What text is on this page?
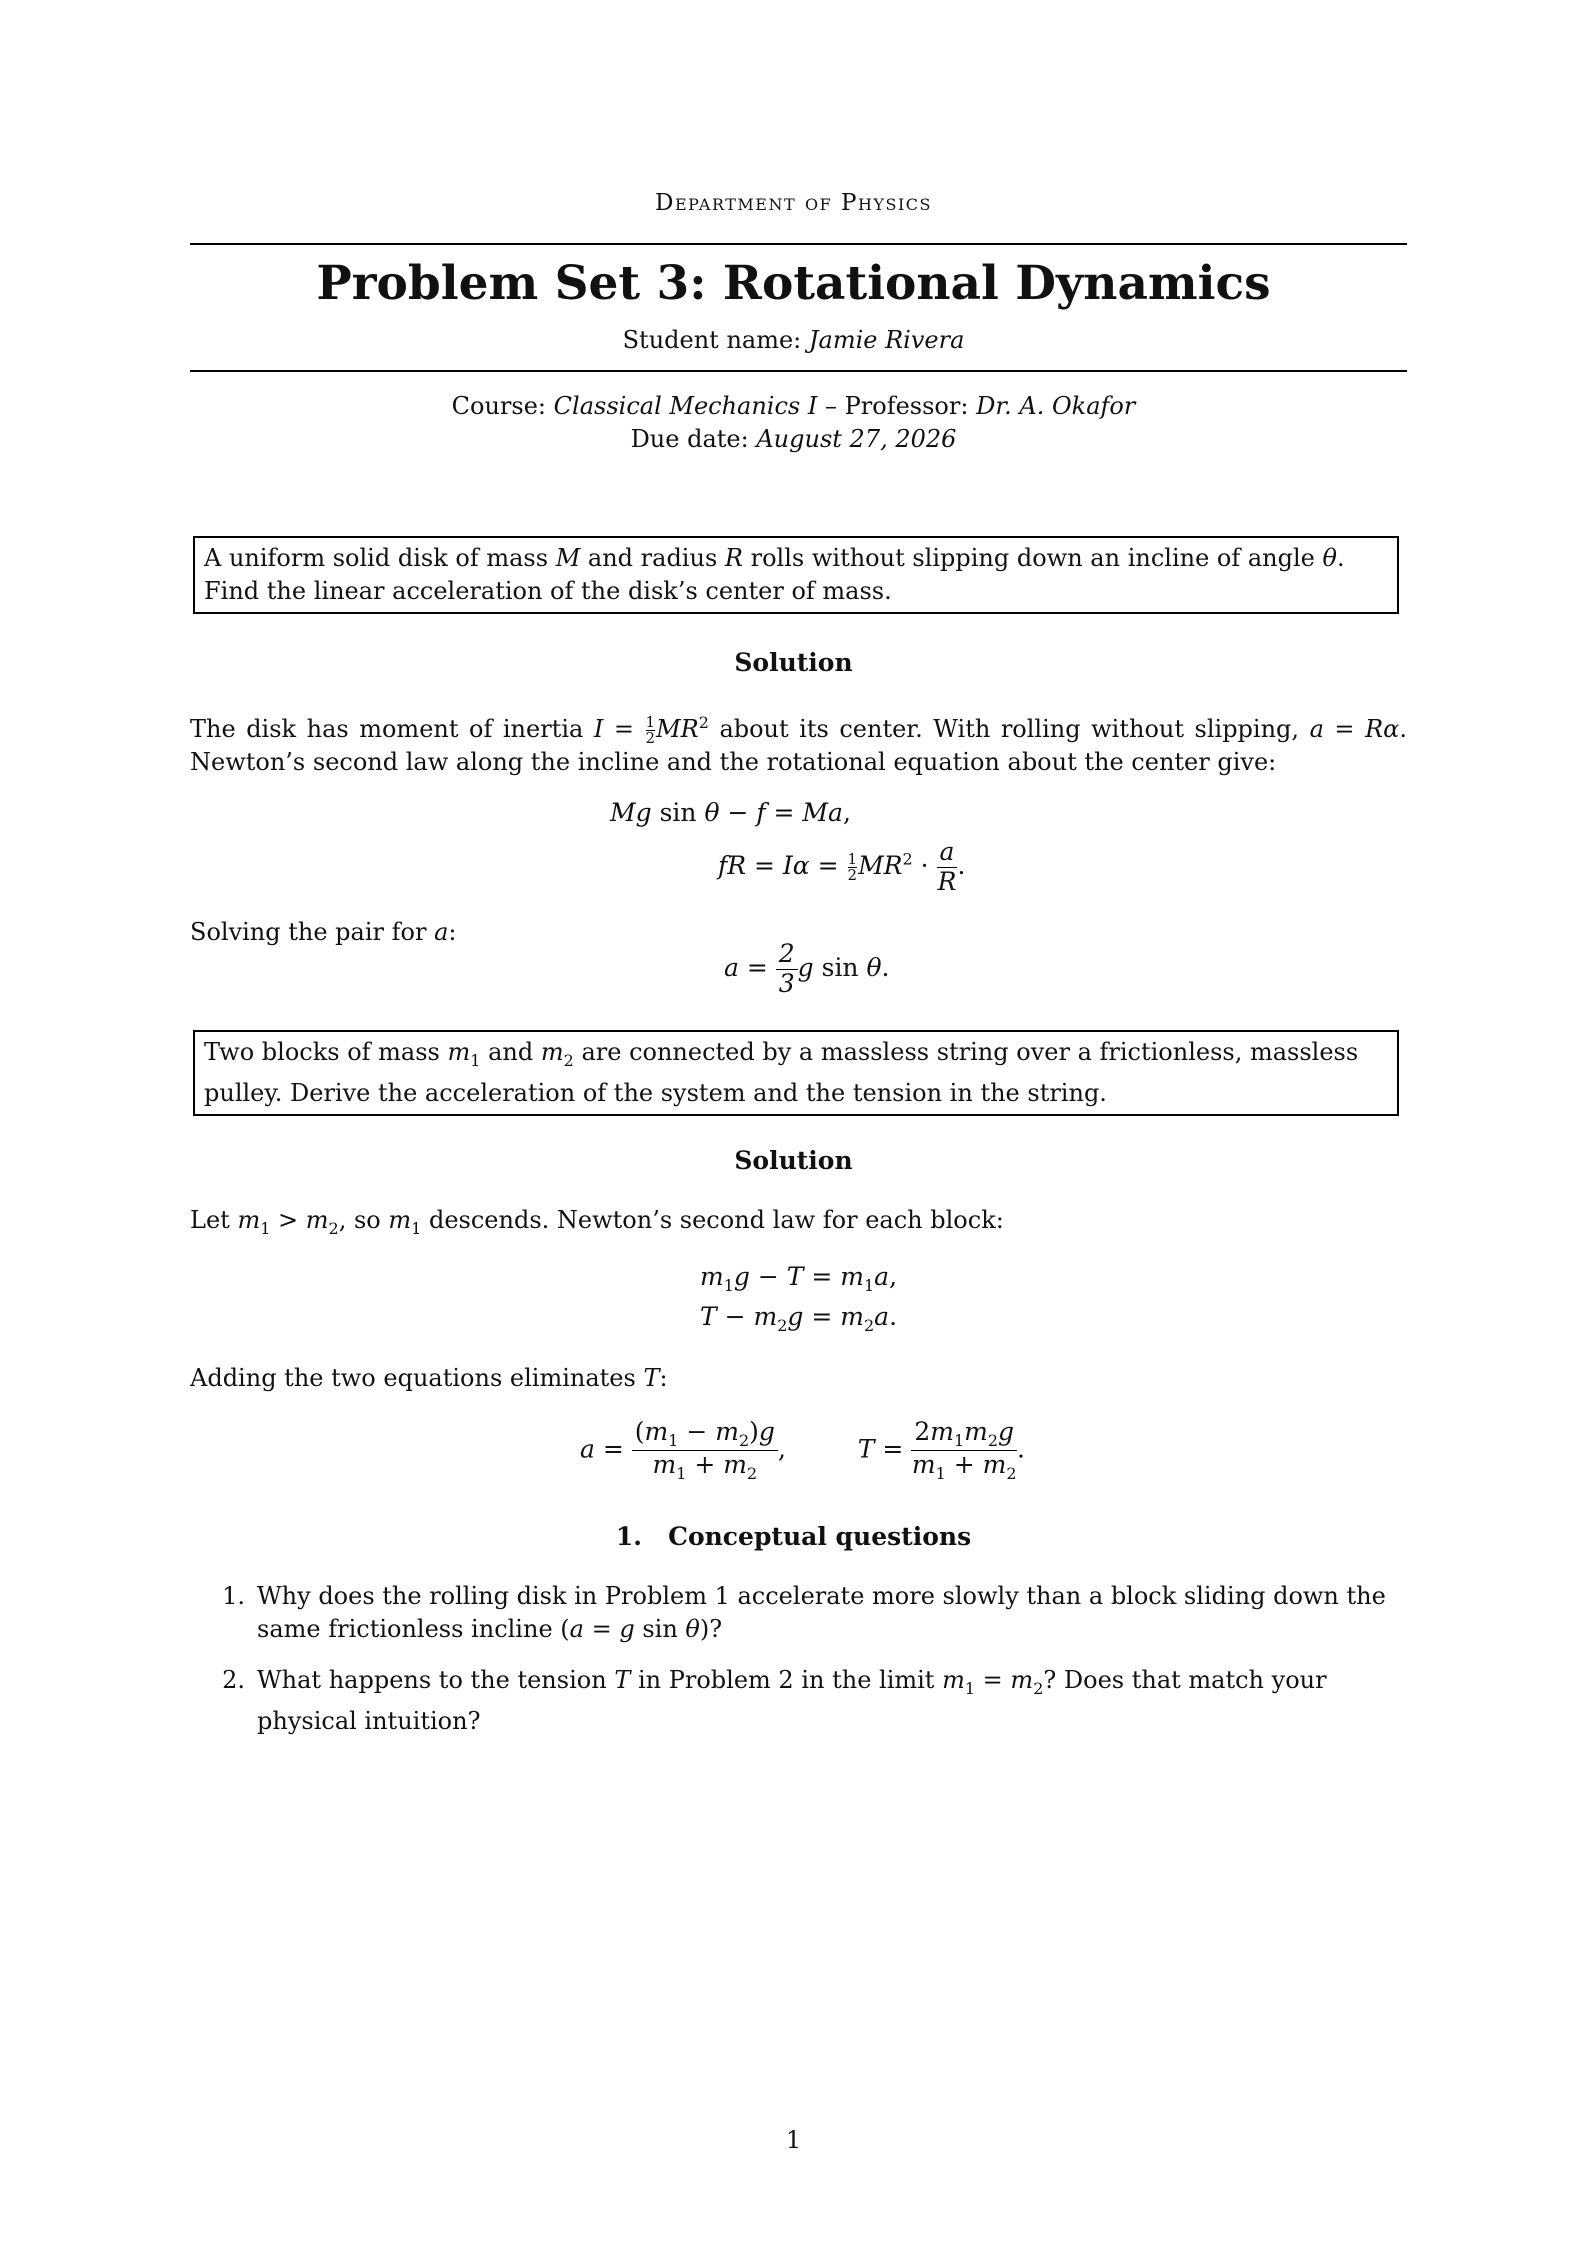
Department of Physics
Problem Set 3: Rotational Dynamics
Student name: Jamie Rivera
Course: Classical Mechanics I – Professor: Dr. A. Okafor
Due date: August 27, 2026
A uniform solid disk of mass M and radius R rolls without slipping down an incline of angle θ. Find the linear acceleration of the disk’s center of mass.
Solution
The disk has moment of inertia $I = \frac{1}{2} MR^2$ about its center. With rolling without slipping, a = Rα. Newton’s second law along the incline and the rotational equation about the center give:
Mg sin θ − f = Ma,
fR = $I\alpha = \frac{1}{2} MR^2 \cdot \frac{a}{R}$ .
Solving the pair for a:
$a = \frac{2}{3}$ g sin θ.
Two blocks of mass $m_1$ and $m_2$ are connected by a massless string over a frictionless, massless pulley. Derive the acceleration of the system and the tension in the string.
Solution
Let $m_1 > m_2$, so $m_1$ descends. Newton’s second law for each block:
$m_1g - T = m_1a$,
$T - m_2g = m_2a$.
Adding the two equations eliminates T:
$a = \frac{(m_1 - m_2)g}{m_1 + m_2}$ ,	$T = \frac{2m_1m_2g}{m_1 + m_2}$ .
1. Conceptual questions
1. Why does the rolling disk in Problem 1 accelerate more slowly than a block sliding down the same frictionless incline (a = g sin θ)?
2. What happens to the tension T in Problem 2 in the limit $m_1 = m_2$? Does that match your physical intuition?
1
